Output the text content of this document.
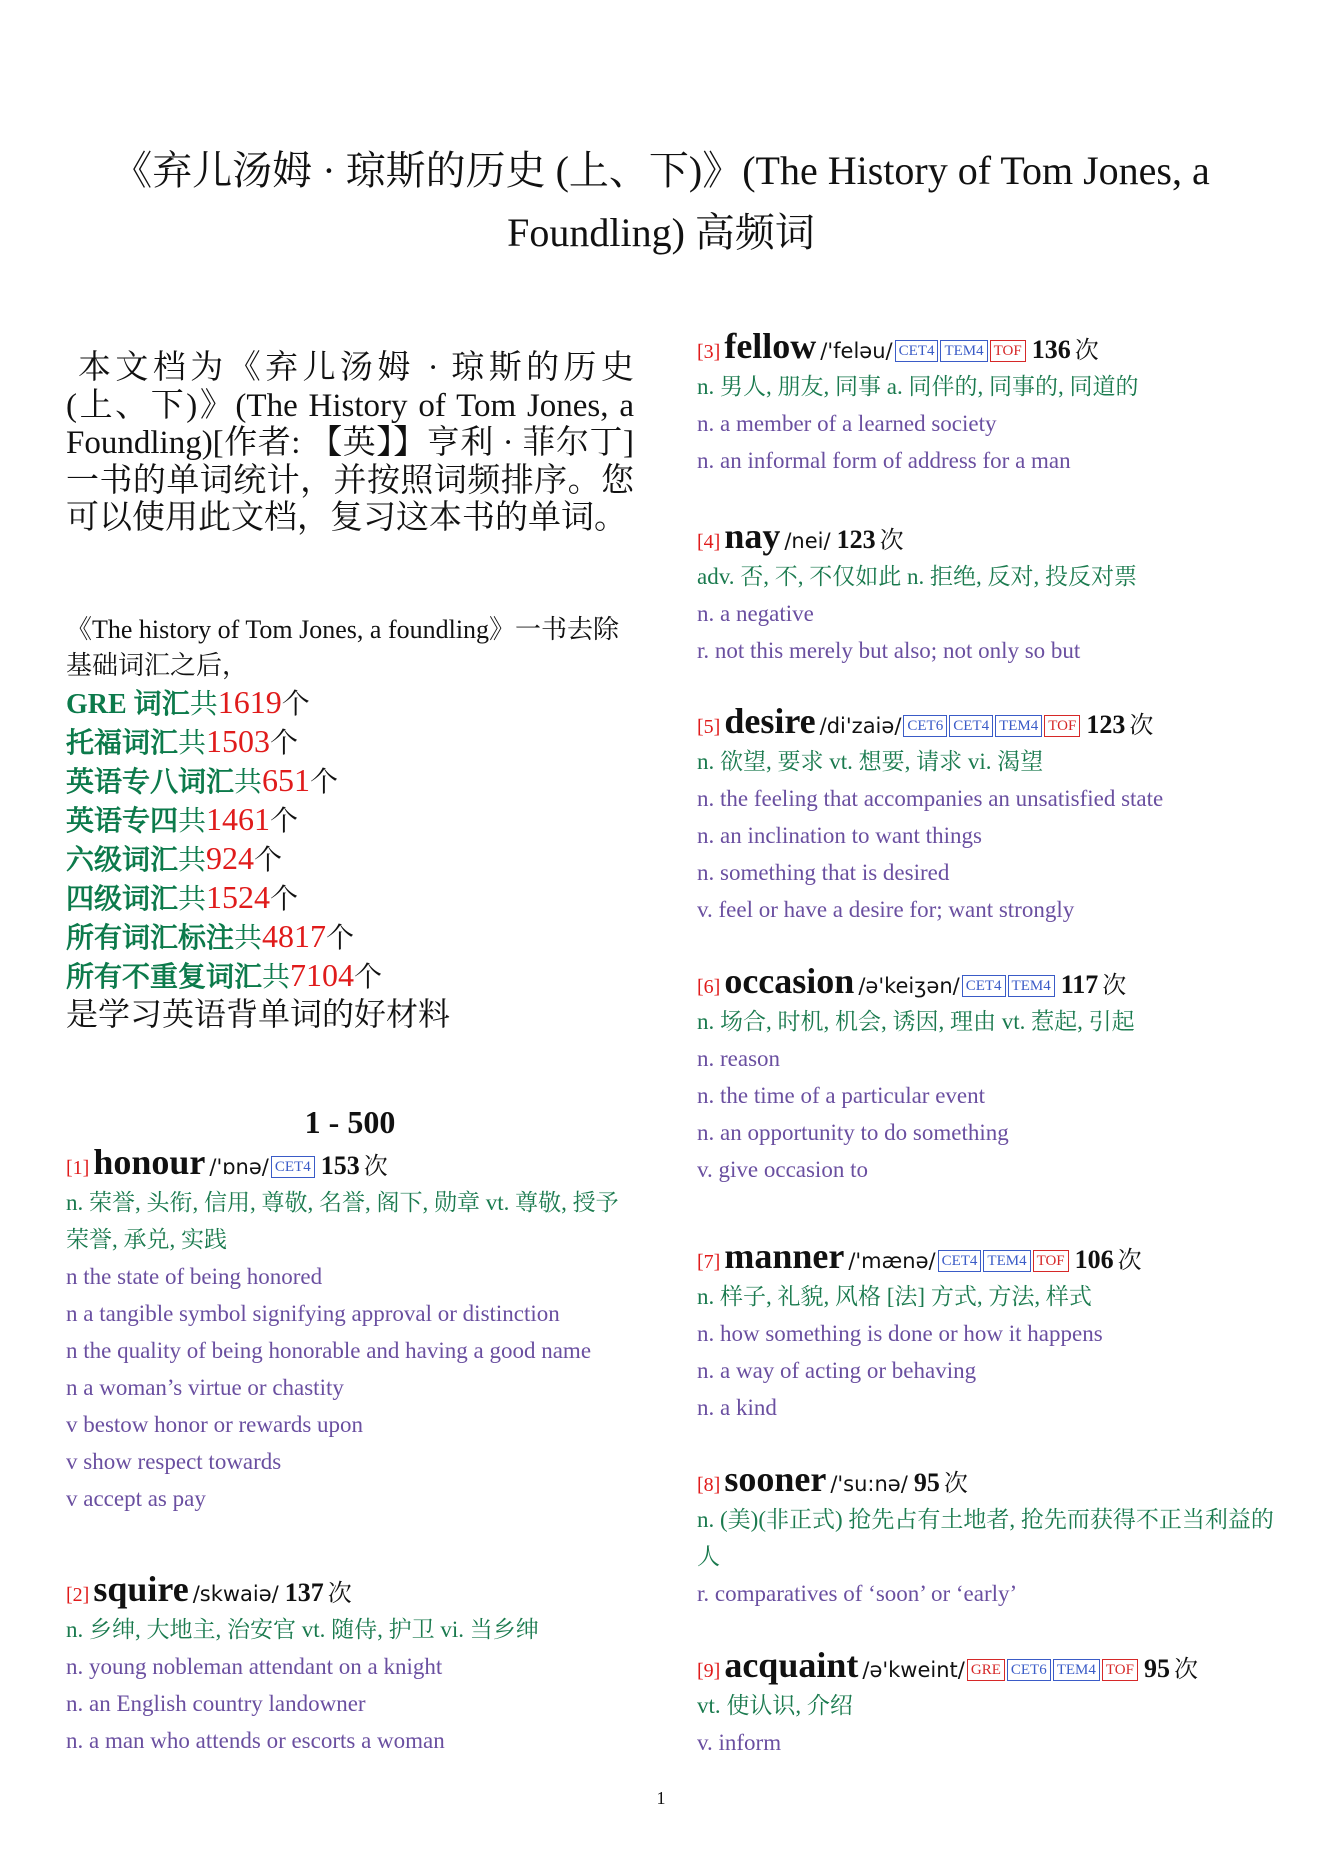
《弃儿汤姆 · 琼斯的历史 (上、下)》(The History of Tom Jones, a Foundling) 高频词

本文档为《弃儿汤姆 · 琼斯的历史 (上、下)》(The History of Tom Jones, a Foundling)[作者: 【英】】亨利 · 菲尔丁] 一书的单词统计，并按照词频排序。您可以使用此文档，复习这本书的单词。

《The history of Tom Jones, a foundling》一书去除基础词汇之后，

GRE 词汇共1619个

托福词汇共1503个

英语专八词汇共651个

英语专四共1461个

六级词汇共924个

四级词汇共1524个

所有词汇标注共4817个

所有不重复词汇共7104个

是学习英语背单词的好材料

1 - 500
[1] honour /'ɒnə/ CET4 153 次

n. 荣誉, 头衔, 信用, 尊敬, 名誉, 阁下, 勋章 vt. 尊敬, 授予荣誉, 承兑, 实践

n the state of being honored

n a tangible symbol signifying approval or distinction

n the quality of being honorable and having a good name

n a woman’s virtue or chastity

v bestow honor or rewards upon

v show respect towards

v accept as pay

[2] squire /skwaiə/ 137 次

n. 乡绅, 大地主, 治安官 vt. 随侍, 护卫 vi. 当乡绅

n. young nobleman attendant on a knight

n. an English country landowner

n. a man who attends or escorts a woman

[3] fellow /'feləu/ CET4 TEM4 TOF 136 次

n. 男人, 朋友, 同事 a. 同伴的, 同事的, 同道的

n. a member of a learned society

n. an informal form of address for a man

[4] nay /nei/ 123 次

adv. 否, 不, 不仅如此 n. 拒绝, 反对, 投反对票

n. a negative

r. not this merely but also; not only so but

[5] desire /di'zaiə/ CET6 CET4 TEM4 TOF 123 次

n. 欲望, 要求 vt. 想要, 请求 vi. 渴望

n. the feeling that accompanies an unsatisfied state

n. an inclination to want things

n. something that is desired

v. feel or have a desire for; want strongly

[6] occasion /ə'keiʒən/ CET4 TEM4 117 次

n. 场合, 时机, 机会, 诱因, 理由 vt. 惹起, 引起

n. reason

n. the time of a particular event

n. an opportunity to do something

v. give occasion to

[7] manner /'mænə/ CET4 TEM4 TOF 106 次

n. 样子, 礼貌, 风格 [法] 方式, 方法, 样式

n. how something is done or how it happens

n. a way of acting or behaving

n. a kind

[8] sooner /'su:nə/ 95 次

n. (美)(非正式) 抢先占有土地者, 抢先而获得不正当利益的人

r. comparatives of ‘soon’ or ‘early’

[9] acquaint /ə'kweint/ GRE CET6 TEM4 TOF 95 次

vt. 使认识, 介绍

v. inform

1
